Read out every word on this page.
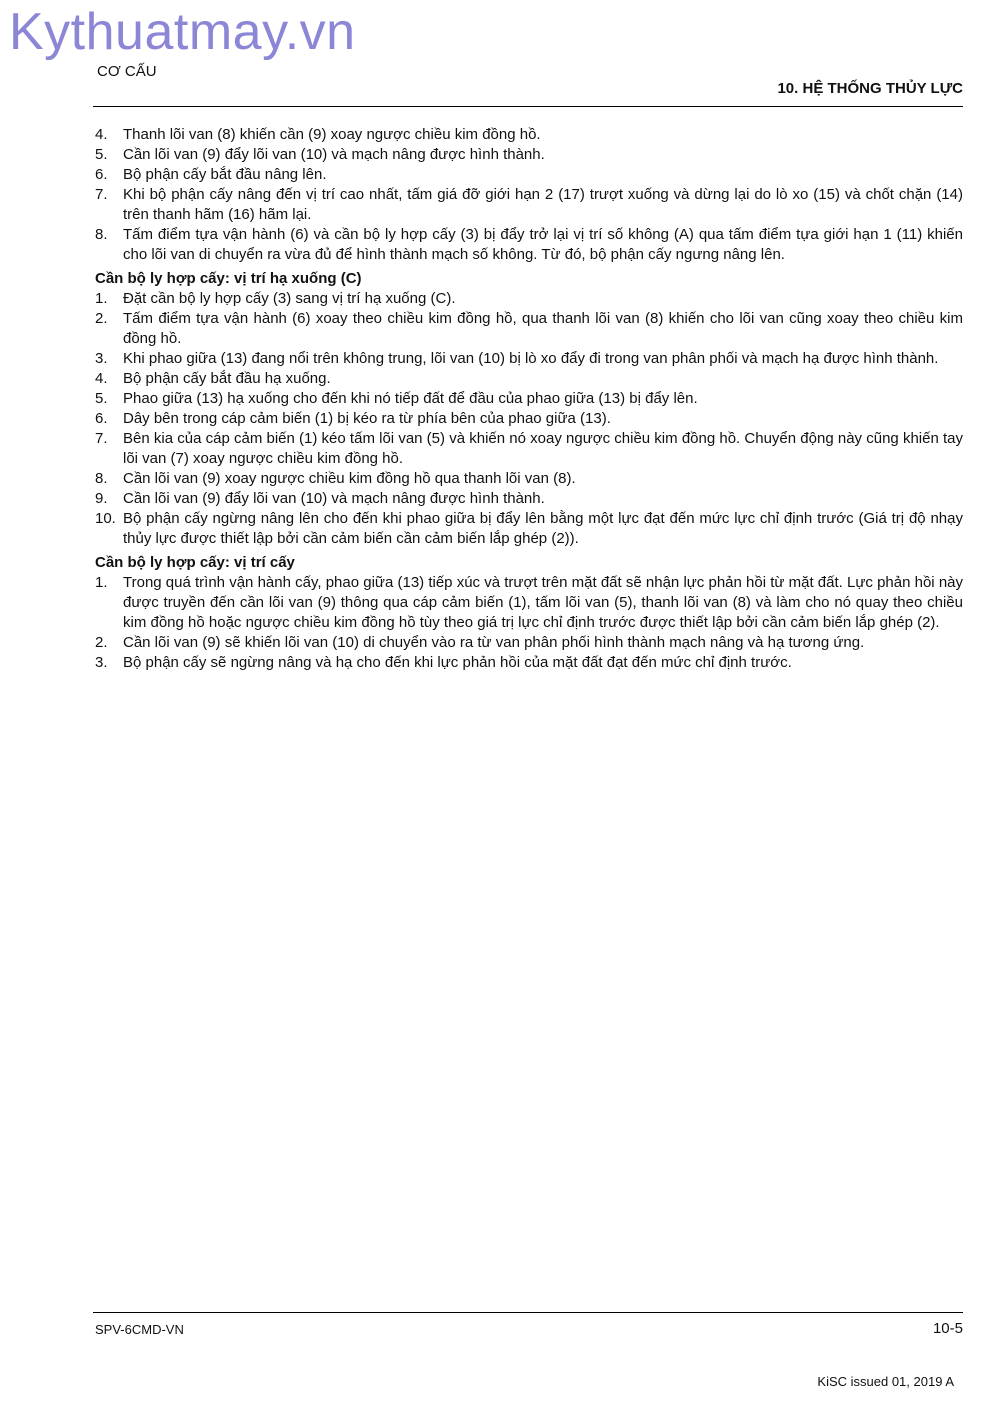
Kythuatmay.vn
CƠ CẤU
10. HỆ THỐNG THỦY LỰC
4.	Thanh lõi van (8) khiến cần (9) xoay ngược chiều kim đồng hồ.
5.	Cần lõi van (9) đẩy lõi van (10) và mạch nâng được hình thành.
6.	Bộ phận cấy bắt đầu nâng lên.
7.	Khi bộ phận cấy nâng đến vị trí cao nhất, tấm giá đỡ giới hạn 2 (17) trượt xuống và dừng lại do lò xo (15) và chốt chặn (14) trên thanh hãm (16) hãm lại.
8.	Tấm điểm tựa vận hành (6) và cần bộ ly hợp cấy (3) bị đẩy trở lại vị trí số không (A) qua tấm điểm tựa giới hạn 1 (11) khiến cho lõi van di chuyển ra vừa đủ để hình thành mạch số không. Từ đó, bộ phận cấy ngưng nâng lên.
Cần bộ ly hợp cấy: vị trí hạ xuống (C)
1.	Đặt cần bộ ly hợp cấy (3) sang vị trí hạ xuống (C).
2.	Tấm điểm tựa vận hành (6) xoay theo chiều kim đồng hồ, qua thanh lõi van (8) khiến cho lõi van cũng xoay theo chiều kim đồng hồ.
3.	Khi phao giữa (13) đang nổi trên không trung, lõi van (10) bị lò xo đẩy đi trong van phân phối và mạch hạ được hình thành.
4.	Bộ phận cấy bắt đầu hạ xuống.
5.	Phao giữa (13) hạ xuống cho đến khi nó tiếp đất để đầu của phao giữa (13) bị đẩy lên.
6.	Dây bên trong cáp cảm biến (1) bị kéo ra từ phía bên của phao giữa (13).
7.	Bên kia của cáp cảm biến (1) kéo tấm lõi van (5) và khiến nó xoay ngược chiều kim đồng hồ. Chuyển động này cũng khiến tay lõi van (7) xoay ngược chiều kim đồng hồ.
8.	Cần lõi van (9) xoay ngược chiều kim đồng hồ qua thanh lõi van (8).
9.	Cần lõi van (9) đẩy lõi van (10) và mạch nâng được hình thành.
10. Bộ phận cấy ngừng nâng lên cho đến khi phao giữa bị đẩy lên bằng một lực đạt đến mức lực chỉ định trước (Giá trị độ nhạy thủy lực được thiết lập bởi cần cảm biến cần cảm biến lắp ghép (2)).
Cần bộ ly hợp cấy: vị trí cấy
1.	Trong quá trình vận hành cấy, phao giữa (13) tiếp xúc và trượt trên mặt đất sẽ nhận lực phản hồi từ mặt đất. Lực phản hồi này được truyền đến cần lõi van (9) thông qua cáp cảm biến (1), tấm lõi van (5), thanh lõi van (8) và làm cho nó quay theo chiều kim đồng hồ hoặc ngược chiều kim đồng hồ tùy theo giá trị lực chỉ định trước được thiết lập bởi cần cảm biến lắp ghép (2).
2.	Cần lõi van (9) sẽ khiến lõi van (10) di chuyển vào ra từ van phân phối hình thành mạch nâng và hạ tương ứng.
3.	Bộ phận cấy sẽ ngừng nâng và hạ cho đến khi lực phản hồi của mặt đất đạt đến mức chỉ định trước.
SPV-6CMD-VN	10-5
KiSC issued 01, 2019 A
